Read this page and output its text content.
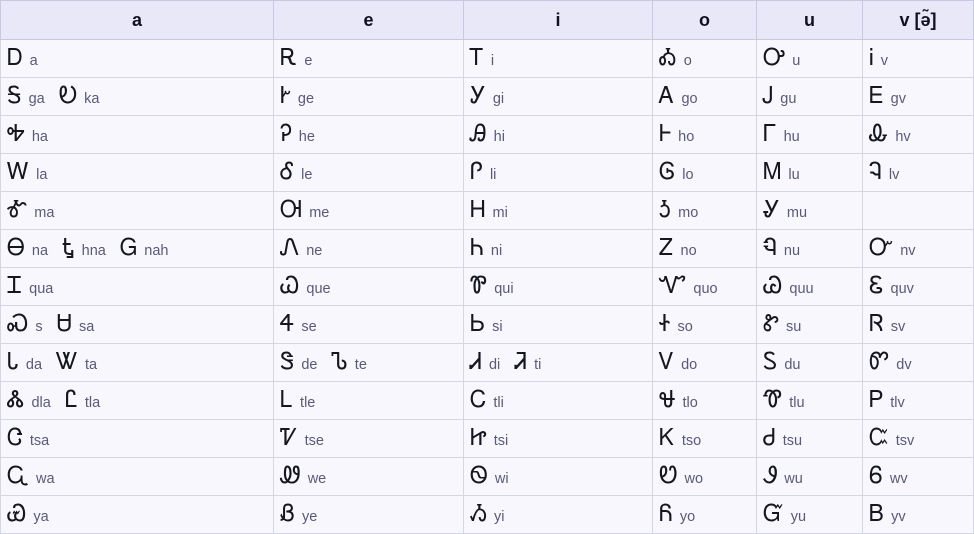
a	e	i	o	u	v [ə̃]

Ꭰ a	Ꭱ e	Ꭲ i	Ꭳ o	Ꭴ u	Ꭵ v

Ꭶ ga Ꭷ ka	Ꭸ ge	Ꭹ gi	Ꭺ go	Ꭻ gu	Ꭼ gv

Ꭽ ha	Ꭾ he	Ꭿ hi	Ꮀ ho	Ꮁ hu	Ꮂ hv

Ꮃ la	Ꮄ le	Ꮅ li	Ꮆ lo	Ꮇ lu	Ꮈ lv

Ꮉ ma	Ꮊ me	Ꮋ mi	Ꮌ mo	Ꮍ mu	

Ꮎ na Ꮏ hna Ꮐ nah	Ꮑ ne	Ꮒ ni	Ꮓ no	Ꮔ nu	Ꮕ nv

Ꮖ qua	Ꮗ que	Ꮘ qui	Ꮙ quo	Ꮚ quu	Ꮛ quv

Ꮝ s Ꮜ sa	Ꮞ se	Ꮟ si	Ꮠ so	Ꮡ su	Ꮢ sv

Ꮣ da Ꮤ ta	Ꮥ de Ꮦ te	Ꮧ di Ꮨ ti	Ꮩ do	Ꮪ du	Ꮫ dv

Ꮬ dla Ꮭ tla	Ꮮ tle	Ꮯ tli	Ꮰ tlo	Ꮱ tlu	Ꮲ tlv

Ꮳ tsa	Ꮴ tse	Ꮵ tsi	Ꮶ tso	Ꮷ tsu	Ꮸ tsv

Ꮹ wa	Ꮺ we	Ꮻ wi	Ꮼ wo	Ꮽ wu	Ꮾ wv

Ꮿ ya	Ᏸ ye	Ᏹ yi	Ᏺ yo	Ᏻ yu	Ᏼ yv
